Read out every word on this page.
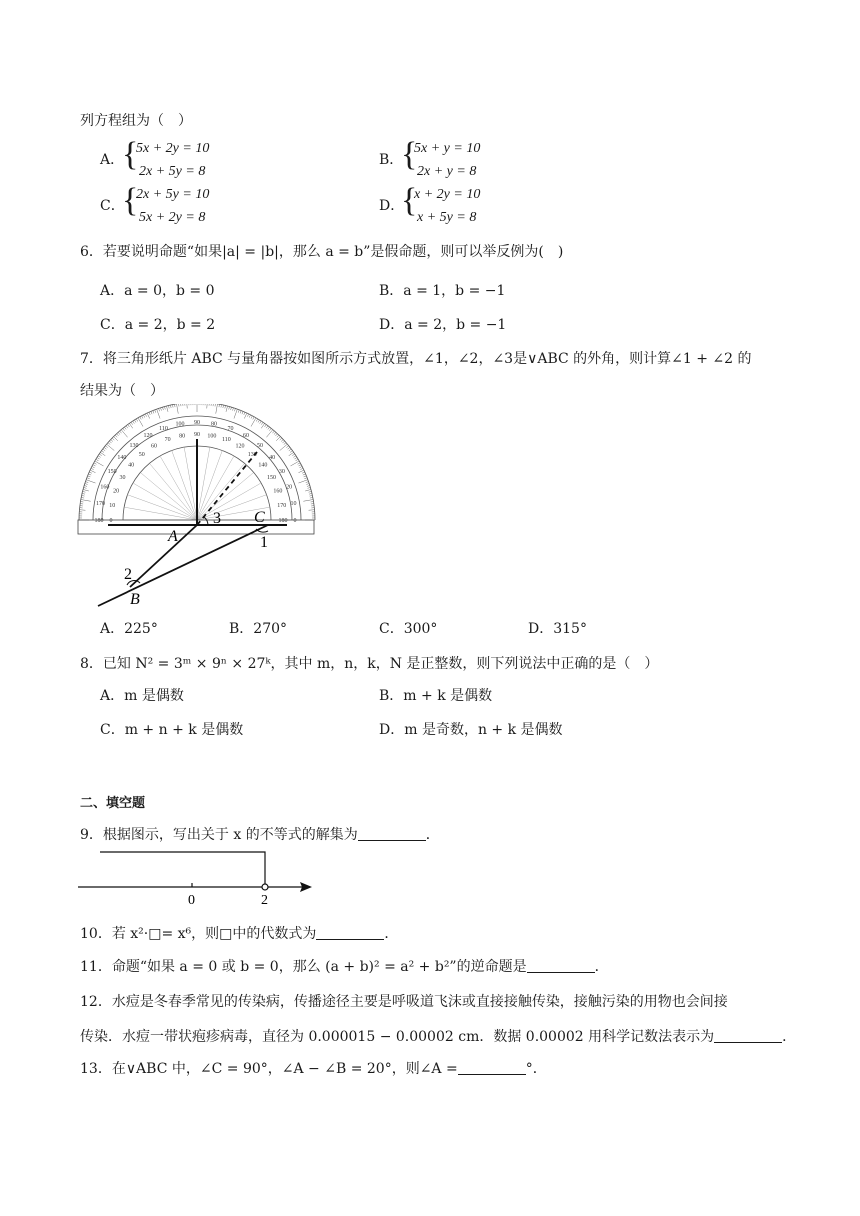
列方程组为（　）
A．
{
5x + 2y = 10
2x + 5y = 8
B．
{
5x + y = 10
2x + y = 8
C．
{
2x + 5y = 10
5x + 2y = 8
D．
{
x + 2y = 10
x + 5y = 8
6．若要说明命题“如果|a| = |b|，那么 a = b”是假命题，则可以举反例为(　)
A．a = 0，b = 0	B．a = 1，b = −1
C．a = 2，b = 2	D．a = 2，b = −1
7．将三角形纸片 ABC 与量角器按如图所示方式放置，∠1，∠2，∠3是∨ABC 的外角，则计算∠1 + ∠2 的
结果为（　）
0
180
10
170
20
160
30
150
40
140
50
130
60
120
70
110
80
100
90
90
100
80
110
70
120
60
130
50
140
40
150
30
160
20
170 10
180 0
A
C
B
1
2
3
A．225°	B．270°	C．300°	D．315°
8．已知 N² = 3ᵐ × 9ⁿ × 27ᵏ，其中 m，n，k，N 是正整数，则下列说法中正确的是（　）
A．m 是偶数	B．m + k 是偶数
C．m + n + k 是偶数	D．m 是奇数，n + k 是偶数
二、填空题
9．根据图示，写出关于 x 的不等式的解集为	．
0	2
10．若 x²·□= x⁶，则□中的代数式为	．
11．命题“如果 a = 0 或 b = 0，那么 (a + b)² = a² + b²”的逆命题是	．
12．水痘是冬春季常见的传染病，传播途径主要是呼吸道飞沫或直接接触传染，接触污染的用物也会间接
传染．水痘一带状疱疹病毒，直径为 0.000015 − 0.00002 cm．数据 0.00002 用科学记数法表示为	．
13．在∨ABC 中，∠C = 90°，∠A − ∠B = 20°，则∠A =	°．
